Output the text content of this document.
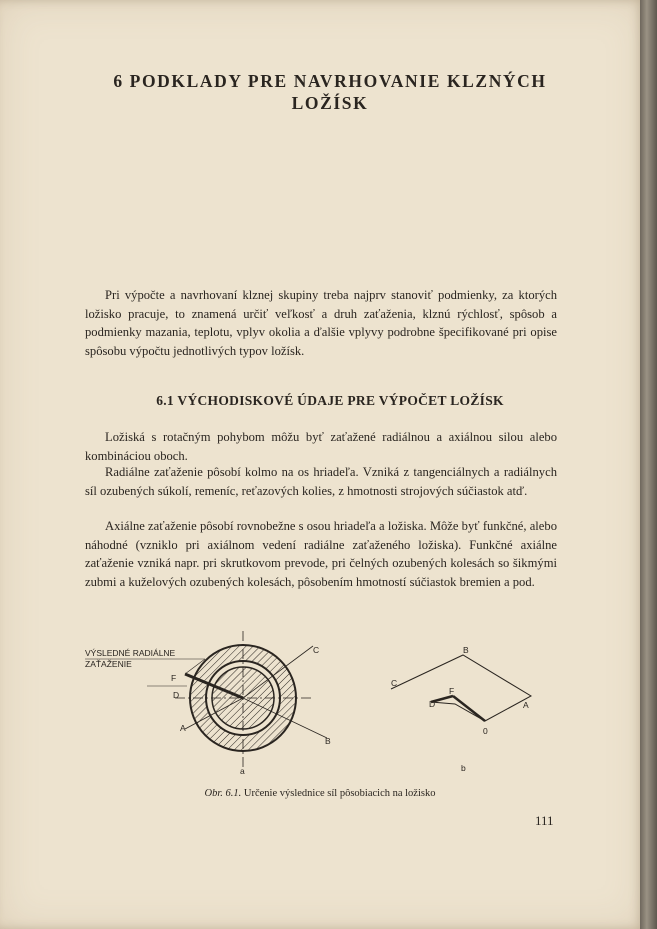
6 PODKLADY PRE NAVRHOVANIE KLZNÝCH
LOŽÍSK

Pri výpočte a navrhovaní klznej skupiny treba najprv stanoviť podmienky, za ktorých ložisko pracuje, to znamená určiť veľkosť a druh zaťaženia, klznú rýchlosť, spôsob a podmienky mazania, teplotu, vplyv okolia a ďalšie vplyvy podrobne špecifikované pri opise spôsobu výpočtu jednotlivých typov ložísk.

6.1 VÝCHODISKOVÉ ÚDAJE PRE VÝPOČET LOŽÍSK

Ložiská s rotačným pohybom môžu byť zaťažené radiálnou a axiálnou silou alebo kombináciou oboch.

Radiálne zaťaženie pôsobí kolmo na os hriadeľa. Vzniká z tangenciálnych a radiálnych síl ozubených súkolí, remeníc, reťazových kolies, z hmotnosti strojových súčiastok atď.

Axiálne zaťaženie pôsobí rovnobežne s osou hriadeľa a ložiska. Môže byť funkčné, alebo náhodné (vzniklo pri axiálnom vedení radiálne zaťaženého ložiska). Funkčné axiálne zaťaženie vzniká napr. pri skrutkovom prevode, pri čelných ozubených kolesách so šikmými zubmi a kuželových ozubených kolesách, pôsobením hmotností súčiastok bremien a pod.

VÝSLEDNÉ RADIÁLNE
ZAŤAŽENIE
F
D
A
C
B
a
B
C
D
F
A
0
b

Obr. 6.1. Určenie výslednice síl pôsobiacich na ložisko

111
